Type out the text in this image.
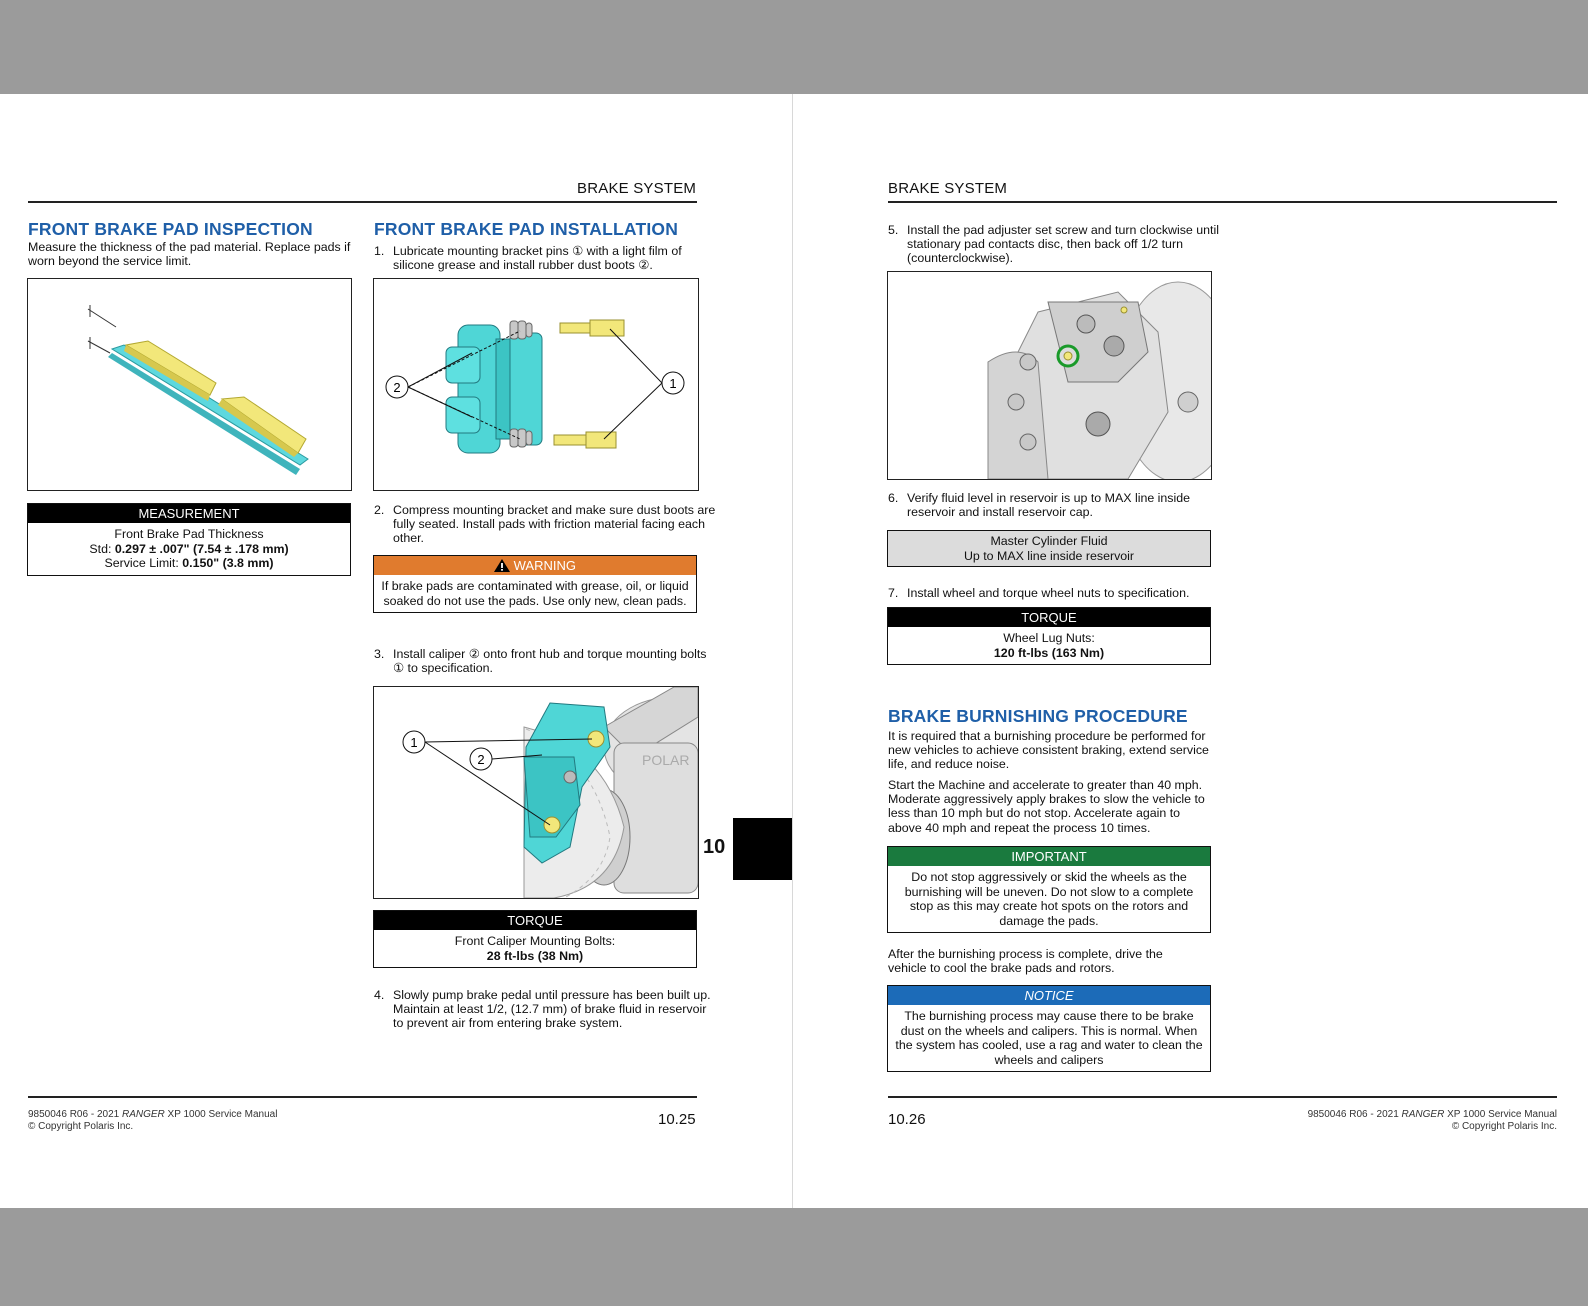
BRAKE SYSTEM
FRONT BRAKE PAD INSPECTION
Measure the thickness of the pad material. Replace pads if worn beyond the service limit.
MEASUREMENT
Front Brake Pad Thickness
Std: 0.297 ± .007" (7.54 ± .178 mm)
Service Limit: 0.150" (3.8 mm)
FRONT BRAKE PAD INSTALLATION
1. Lubricate mounting bracket pins ① with a light film of silicone grease and install rubber dust boots ②.
2	1
2. Compress mounting bracket and make sure dust boots are fully seated. Install pads with friction material facing each other.
WARNING
If brake pads are contaminated with grease, oil, or liquid soaked do not use the pads. Use only new, clean pads.
3. Install caliper ② onto front hub and torque mounting bolts ① to specification.
POLAR
1
2
TORQUE
Front Caliper Mounting Bolts:
28 ft-lbs (38 Nm)
4. Slowly pump brake pedal until pressure has been built up. Maintain at least 1/2, (12.7 mm) of brake fluid in reservoir to prevent air from entering brake system.
10
9850046 R06 - 2021 RANGER XP 1000 Service Manual
© Copyright Polaris Inc.	10.25
BRAKE SYSTEM
5. Install the pad adjuster set screw and turn clockwise until stationary pad contacts disc, then back off 1/2 turn (counterclockwise).
6. Verify fluid level in reservoir is up to MAX line inside reservoir and install reservoir cap.
Master Cylinder Fluid
Up to MAX line inside reservoir
7. Install wheel and torque wheel nuts to specification.
TORQUE
Wheel Lug Nuts:
120 ft-lbs (163 Nm)
BRAKE BURNISHING PROCEDURE
It is required that a burnishing procedure be performed for new vehicles to achieve consistent braking, extend service life, and reduce noise.
Start the Machine and accelerate to greater than 40 mph. Moderate aggressively apply brakes to slow the vehicle to less than 10 mph but do not stop. Accelerate again to above 40 mph and repeat the process 10 times.
IMPORTANT
Do not stop aggressively or skid the wheels as the burnishing will be uneven. Do not slow to a complete stop as this may create hot spots on the rotors and damage the pads.
After the burnishing process is complete, drive the vehicle to cool the brake pads and rotors.
NOTICE
The burnishing process may cause there to be brake dust on the wheels and calipers. This is normal. When the system has cooled, use a rag and water to clean the wheels and calipers
10.26	9850046 R06 - 2021 RANGER XP 1000 Service Manual
© Copyright Polaris Inc.
